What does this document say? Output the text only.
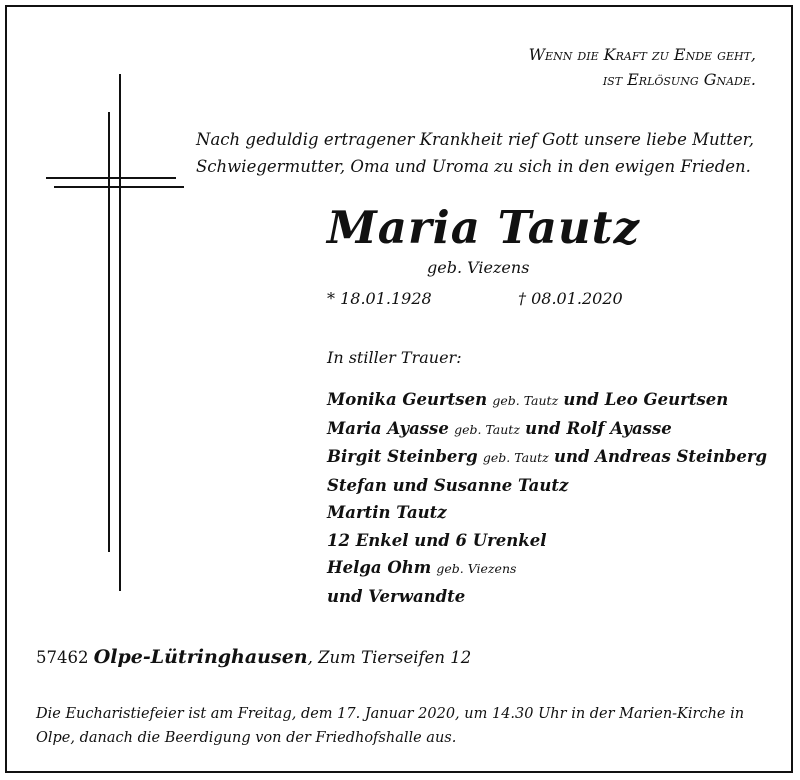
Wenn die Kraft zu Ende geht,
ist Erlösung Gnade.
Nach geduldig ertragener Krankheit rief Gott unsere liebe Mutter,
Schwiegermutter, Oma und Uroma zu sich in den ewigen Frieden.
Maria Tautz
geb. Viezens
* 18.01.1928	† 08.01.2020
In stiller Trauer:
Monika Geurtsen geb. Tautz und Leo Geurtsen
Maria Ayasse geb. Tautz und Rolf Ayasse
Birgit Steinberg geb. Tautz und Andreas Steinberg
Stefan und Susanne Tautz
Martin Tautz
12 Enkel und 6 Urenkel
Helga Ohm geb. Viezens
und Verwandte
57462 Olpe-Lütringhausen, Zum Tierseifen 12
Die Eucharistiefeier ist am Freitag, dem 17. Januar 2020, um 14.30 Uhr in der Marien-Kirche in
Olpe, danach die Beerdigung von der Friedhofshalle aus.
